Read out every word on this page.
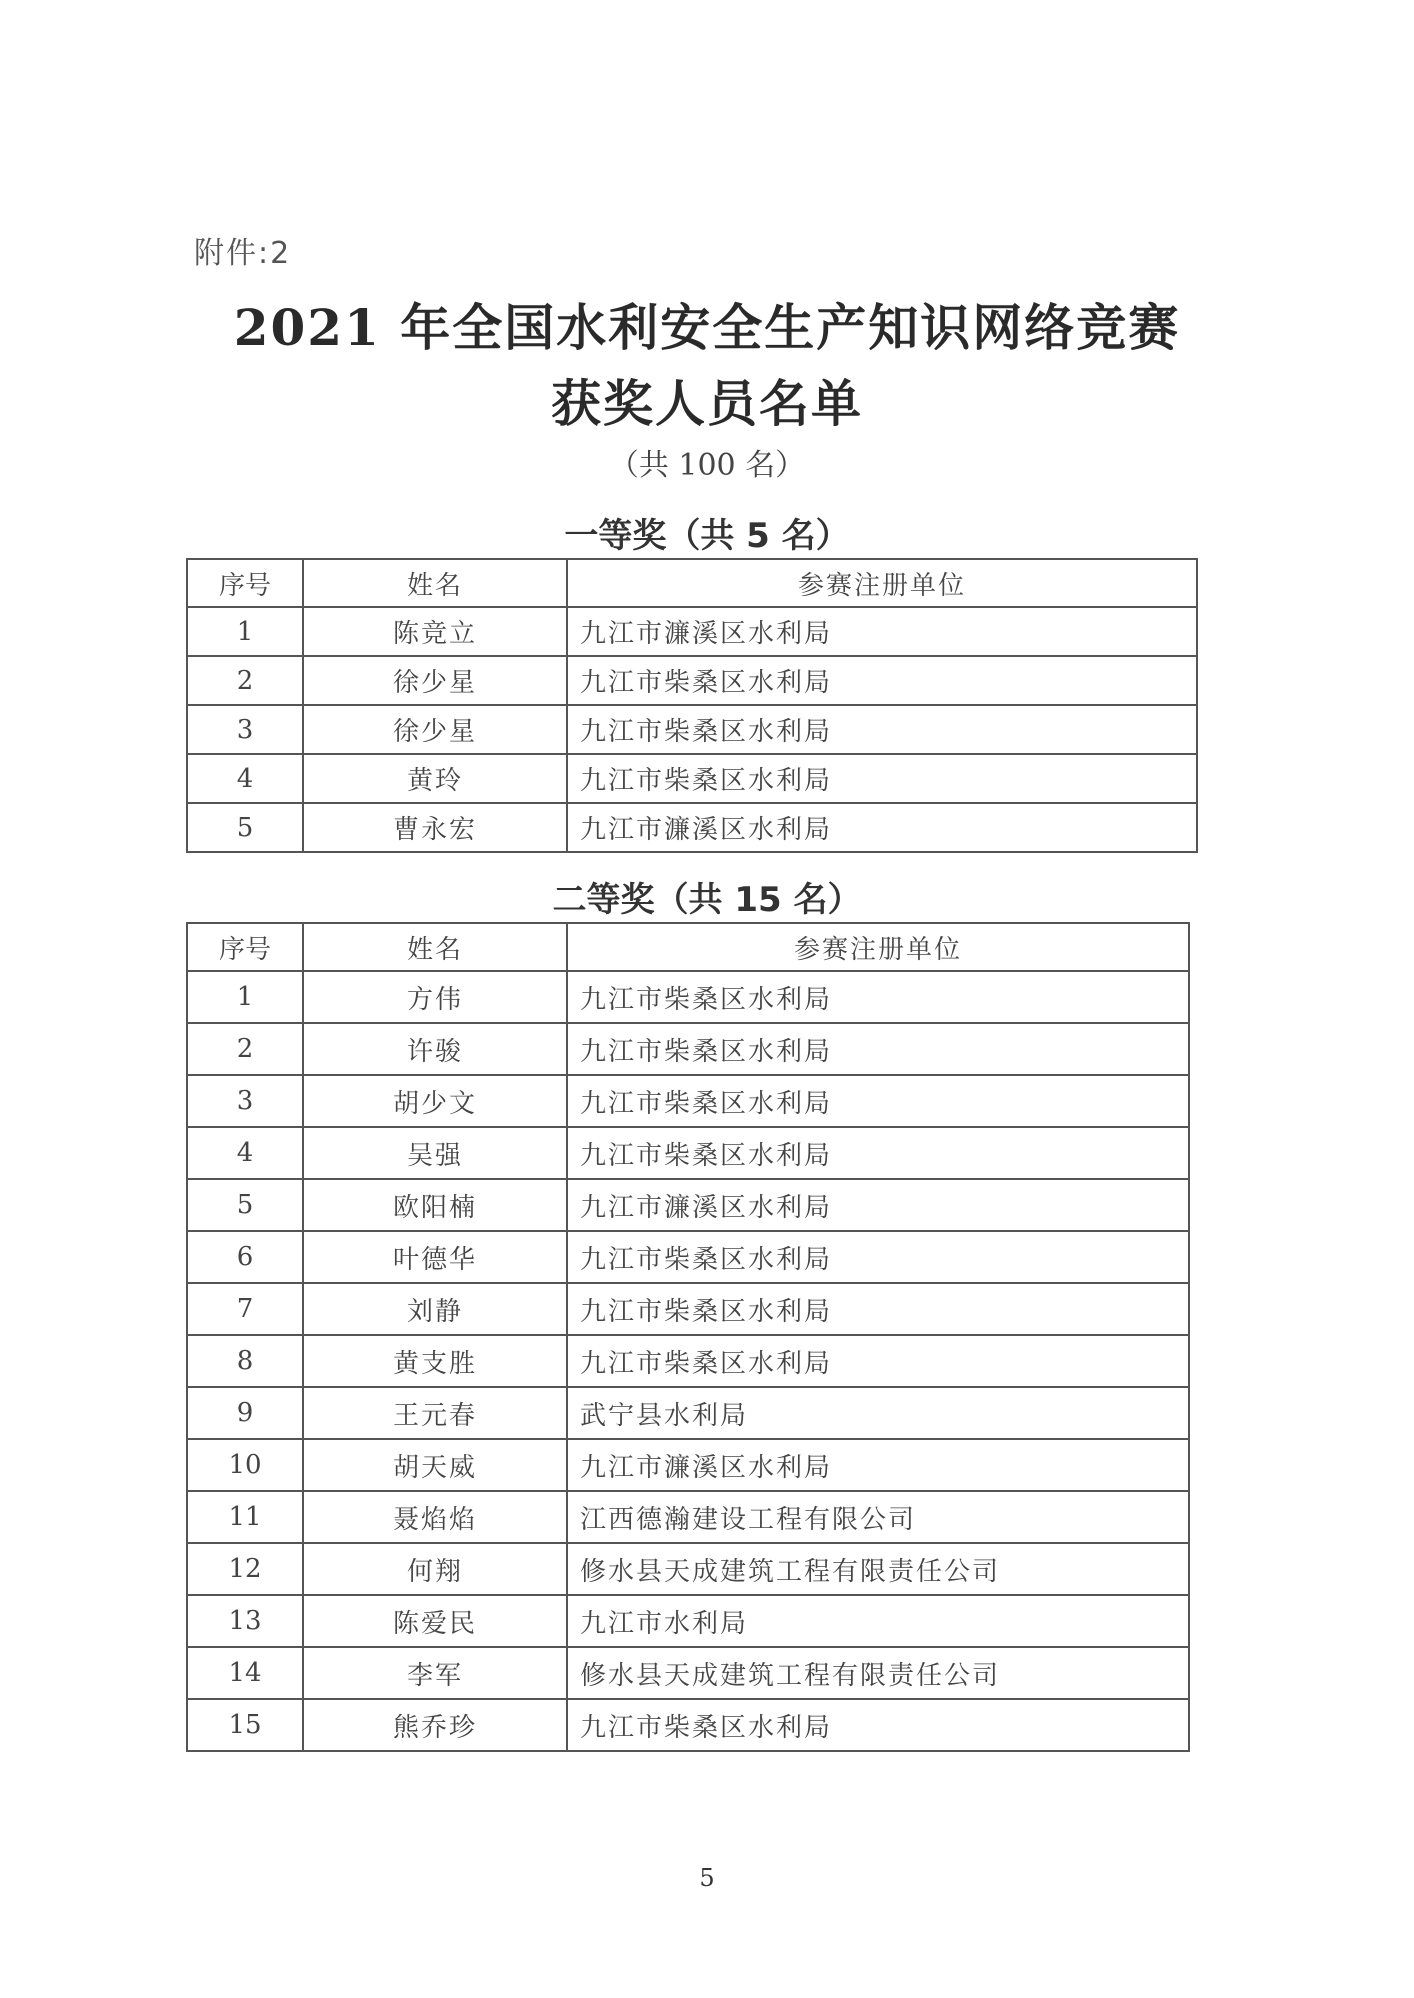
附件:2
2021 年全国水利安全生产知识网络竞赛
获奖人员名单
（共 100 名）
一等奖（共 5 名）
序号	姓名	参赛注册单位
1	陈竞立	九江市濂溪区水利局
2	徐少星	九江市柴桑区水利局
3	徐少星	九江市柴桑区水利局
4	黄玲	九江市柴桑区水利局
5	曹永宏	九江市濂溪区水利局
二等奖（共 15 名）
序号	姓名	参赛注册单位
1	方伟	九江市柴桑区水利局
2	许骏	九江市柴桑区水利局
3	胡少文	九江市柴桑区水利局
4	吴强	九江市柴桑区水利局
5	欧阳楠	九江市濂溪区水利局
6	叶德华	九江市柴桑区水利局
7	刘静	九江市柴桑区水利局
8	黄支胜	九江市柴桑区水利局
9	王元春	武宁县水利局
10	胡天威	九江市濂溪区水利局
11	聂焰焰	江西德瀚建设工程有限公司
12	何翔	修水县天成建筑工程有限责任公司
13	陈爱民	九江市水利局
14	李军	修水县天成建筑工程有限责任公司
15	熊乔珍	九江市柴桑区水利局
5
